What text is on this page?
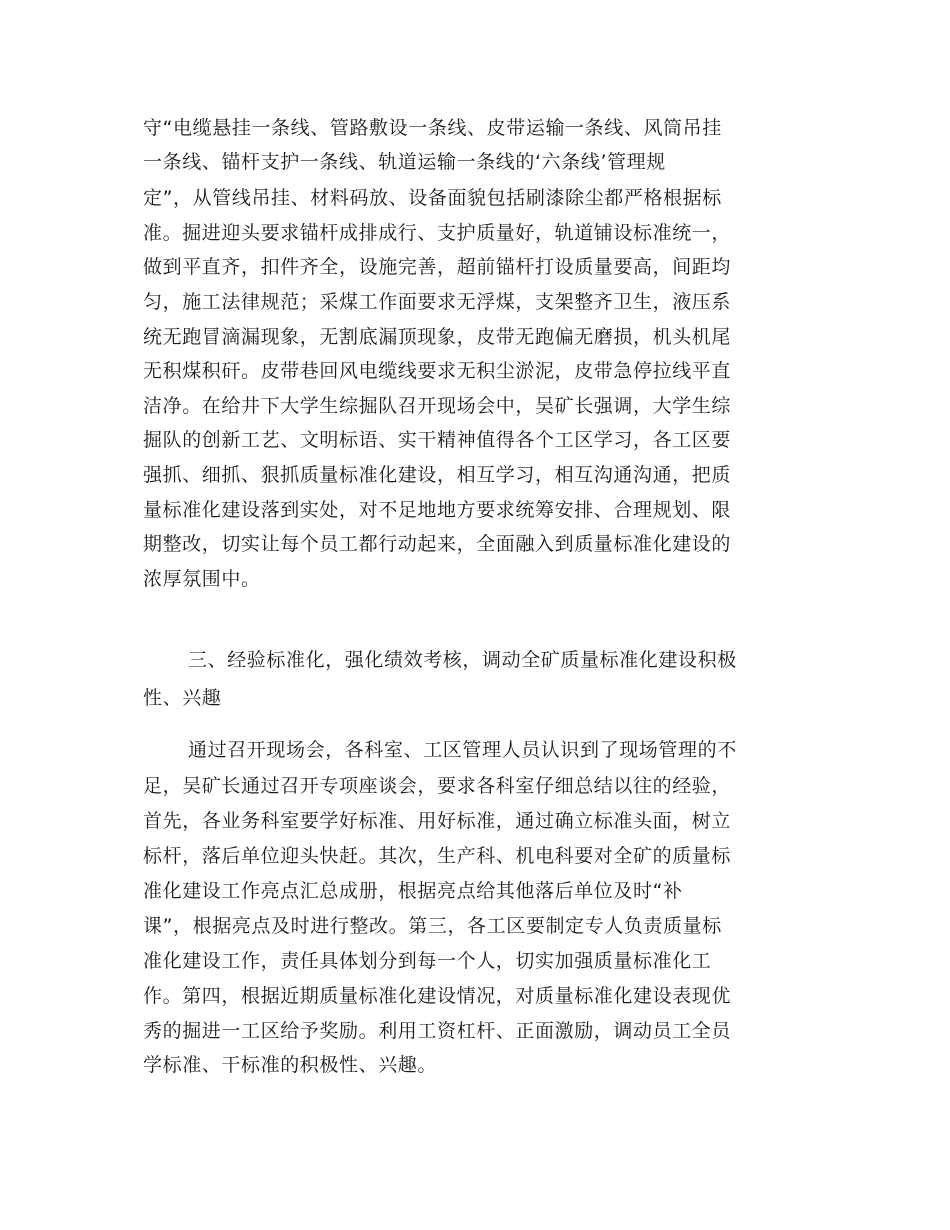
守“电缆悬挂一条线、管路敷设一条线、皮带运输一条线、风筒吊挂
一条线、锚杆支护一条线、轨道运输一条线的‘六条线’管理规
定”，从管线吊挂、材料码放、设备面貌包括刷漆除尘都严格根据标
准。掘进迎头要求锚杆成排成行、支护质量好，轨道铺设标准统一，
做到平直齐，扣件齐全，设施完善，超前锚杆打设质量要高，间距均
匀，施工法律规范；采煤工作面要求无浮煤，支架整齐卫生，液压系
统无跑冒滴漏现象，无割底漏顶现象，皮带无跑偏无磨损，机头机尾
无积煤积矸。皮带巷回风电缆线要求无积尘淤泥，皮带急停拉线平直
洁净。在给井下大学生综掘队召开现场会中，吴矿长强调，大学生综
掘队的创新工艺、文明标语、实干精神值得各个工区学习，各工区要
强抓、细抓、狠抓质量标准化建设，相互学习，相互沟通沟通，把质
量标准化建设落到实处，对不足地地方要求统筹安排、合理规划、限
期整改，切实让每个员工都行动起来，全面融入到质量标准化建设的
浓厚氛围中。
三、经验标准化，强化绩效考核，调动全矿质量标准化建设积极
性、兴趣
通过召开现场会，各科室、工区管理人员认识到了现场管理的不
足，吴矿长通过召开专项座谈会，要求各科室仔细总结以往的经验，
首先，各业务科室要学好标准、用好标准，通过确立标准头面，树立
标杆，落后单位迎头快赶。其次，生产科、机电科要对全矿的质量标
准化建设工作亮点汇总成册，根据亮点给其他落后单位及时“补
课”，根据亮点及时进行整改。第三，各工区要制定专人负责质量标
准化建设工作，责任具体划分到每一个人，切实加强质量标准化工
作。第四，根据近期质量标准化建设情况，对质量标准化建设表现优
秀的掘进一工区给予奖励。利用工资杠杆、正面激励，调动员工全员
学标准、干标准的积极性、兴趣。
